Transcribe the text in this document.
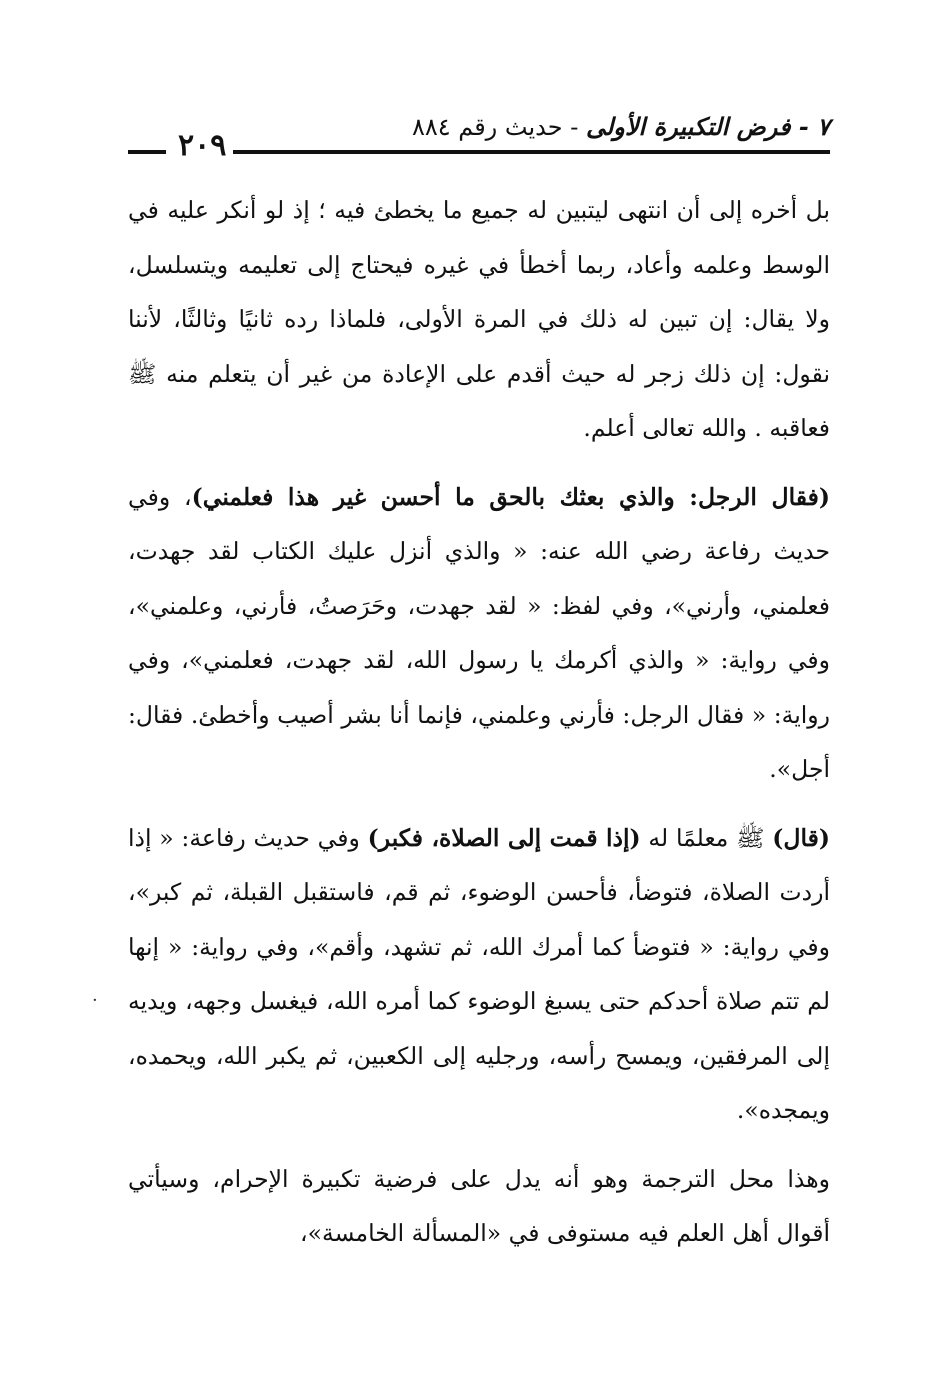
٧ - فرض التكبيرة الأولى - حديث رقم ٨٨٤
٢٠٩

بل أخره إلى أن انتهى ليتبين له جميع ما يخطئ فيه ؛ إذ لو أنكر عليه في الوسط وعلمه وأعاد، ربما أخطأ في غيره فيحتاج إلى تعليمه ويتسلسل، ولا يقال: إن تبين له ذلك في المرة الأولى، فلماذا رده ثانيًا وثالثًا، لأننا نقول: إن ذلك زجر له حيث أقدم على الإعادة من غير أن يتعلم منه ﷺ فعاقبه . والله تعالى أعلم.

(فقال الرجل: والذي بعثك بالحق ما أحسن غير هذا فعلمني)، وفي حديث رفاعة رضي الله عنه: « والذي أنزل عليك الكتاب لقد جهدت، فعلمني، وأرني»، وفي لفظ: « لقد جهدت، وحَرَصتُ، فأرني، وعلمني»، وفي رواية: « والذي أكرمك يا رسول الله، لقد جهدت، فعلمني»، وفي رواية: « فقال الرجل: فأرني وعلمني، فإنما أنا بشر أصيب وأخطئ. فقال: أجل».

(قال) ﷺ معلمًا له (إذا قمت إلى الصلاة، فكبر) وفي حديث رفاعة: « إذا أردت الصلاة، فتوضأ، فأحسن الوضوء، ثم قم، فاستقبل القبلة، ثم كبر»، وفي رواية: « فتوضأ كما أمرك الله، ثم تشهد، وأقم»، وفي رواية: « إنها لم تتم صلاة أحدكم حتى يسبغ الوضوء كما أمره الله، فيغسل وجهه، ويديه إلى المرفقين، ويمسح رأسه، ورجليه إلى الكعبين، ثم يكبر الله، ويحمده، ويمجده».

وهذا محل الترجمة وهو أنه يدل على فرضية تكبيرة الإحرام، وسيأتي أقوال أهل العلم فيه مستوفى في «المسألة الخامسة»،

·
